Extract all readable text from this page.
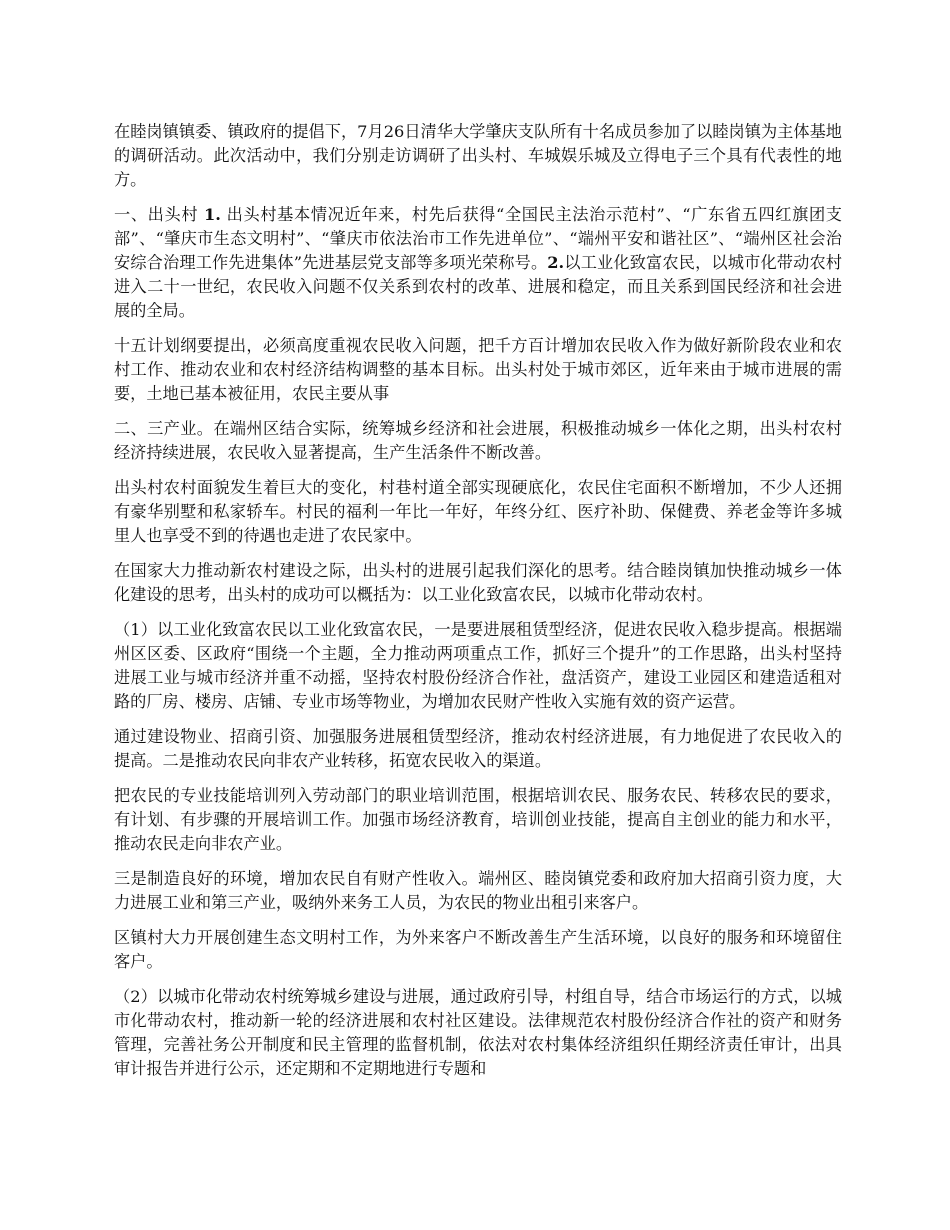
在睦岗镇镇委、镇政府的提倡下，7月26日清华大学肇庆支队所有十名成员参加了以睦岗镇为主体基地的调研活动。此次活动中，我们分别走访调研了出头村、车城娱乐城及立得电子三个具有代表性的地方。

一、出头村 1. 出头村基本情况近年来，村先后获得“全国民主法治示范村”、“广东省五四红旗团支部”、“肇庆市生态文明村”、“肇庆市依法治市工作先进单位”、“端州平安和谐社区”、“端州区社会治安综合治理工作先进集体”先进基层党支部等多项光荣称号。2.以工业化致富农民，以城市化带动农村进入二十一世纪，农民收入问题不仅关系到农村的改革、进展和稳定，而且关系到国民经济和社会进展的全局。

十五计划纲要提出，必须高度重视农民收入问题，把千方百计增加农民收入作为做好新阶段农业和农村工作、推动农业和农村经济结构调整的基本目标。出头村处于城市郊区，近年来由于城市进展的需要，土地已基本被征用，农民主要从事

二、三产业。在端州区结合实际，统筹城乡经济和社会进展，积极推动城乡一体化之期，出头村农村经济持续进展，农民收入显著提高，生产生活条件不断改善。

出头村农村面貌发生着巨大的变化，村巷村道全部实现硬底化，农民住宅面积不断增加，不少人还拥有豪华别墅和私家轿车。村民的福利一年比一年好，年终分红、医疗补助、保健费、养老金等许多城里人也享受不到的待遇也走进了农民家中。

在国家大力推动新农村建设之际，出头村的进展引起我们深化的思考。结合睦岗镇加快推动城乡一体化建设的思考，出头村的成功可以概括为：以工业化致富农民，以城市化带动农村。

（1）以工业化致富农民以工业化致富农民，一是要进展租赁型经济，促进农民收入稳步提高。根据端州区区委、区政府“围绕一个主题，全力推动两项重点工作，抓好三个提升”的工作思路，出头村坚持进展工业与城市经济并重不动摇，坚持农村股份经济合作社，盘活资产，建设工业园区和建造适租对路的厂房、楼房、店铺、专业市场等物业，为增加农民财产性收入实施有效的资产运营。

通过建设物业、招商引资、加强服务进展租赁型经济，推动农村经济进展，有力地促进了农民收入的提高。二是推动农民向非农产业转移，拓宽农民收入的渠道。

把农民的专业技能培训列入劳动部门的职业培训范围，根据培训农民、服务农民、转移农民的要求，有计划、有步骤的开展培训工作。加强市场经济教育，培训创业技能，提高自主创业的能力和水平，推动农民走向非农产业。

三是制造良好的环境，增加农民自有财产性收入。端州区、睦岗镇党委和政府加大招商引资力度，大力进展工业和第三产业，吸纳外来务工人员，为农民的物业出租引来客户。

区镇村大力开展创建生态文明村工作，为外来客户不断改善生产生活环境，以良好的服务和环境留住客户。

（2）以城市化带动农村统筹城乡建设与进展，通过政府引导，村组自导，结合市场运行的方式，以城市化带动农村，推动新一轮的经济进展和农村社区建设。法律规范农村股份经济合作社的资产和财务管理，完善社务公开制度和民主管理的监督机制，依法对农村集体经济组织任期经济责任审计，出具审计报告并进行公示，还定期和不定期地进行专题和
